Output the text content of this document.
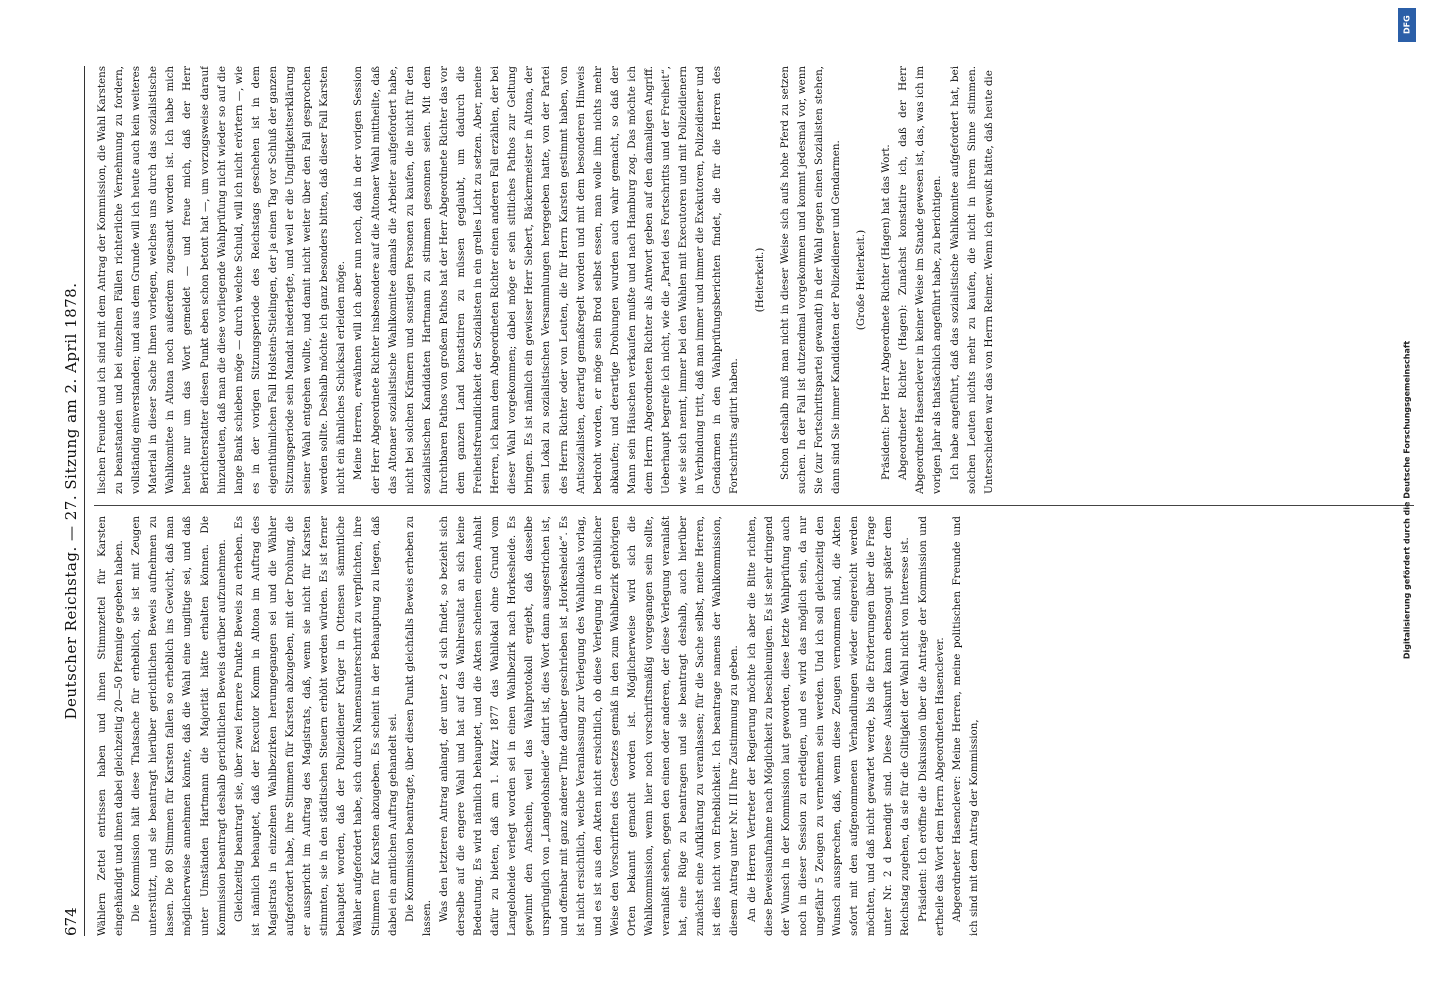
674
Deutscher Reichstag. — 27. Sitzung am 2. April 1878.

Wählern Zettel entrissen haben und ihnen Stimmzettel für Karsten eingehändigt und ihnen dabei gleichzeitig 20—50 Pfennige gegeben haben. Die Kommission hält diese Thatsache für erheblich, sie ist mit Zeugen unterstützt, und sie beantragt hierüber gerichtlichen Beweis aufnehmen zu lassen. Die 80 Stimmen für Karsten fallen so erheblich ins Gewicht, daß man möglicherweise annehmen könnte, daß die Wahl eine ungiltige sei, und daß unter Umständen Hartmann die Majorität hätte erhalten können. Die Kommission beantragt deshalb gerichtlichen Beweis darüber aufzunehmen. Gleichzeitig beantragt sie, über zwei fernere Punkte Beweis zu erheben. Es ist nämlich behauptet, daß der Executor Komm in Altona im Auftrag des Magistrats in einzelnen Wahlbezirken herumgegangen sei und die Wähler aufgefordert habe, ihre Stimmen für Karsten abzugeben, mit der Drohung, die er ausspricht im Auftrag des Magistrats, daß, wenn sie nicht für Karsten stimmten, sie in den städtischen Steuern erhöht werden würden. Es ist ferner behauptet worden, daß der Polizeidiener Krüger in Ottensen sämmtliche Wähler aufgefordert habe, sich durch Namensunterschrift zu verpflichten, ihre Stimmen für Karsten abzugeben. Es scheint in der Behauptung zu liegen, daß dabei ein amtlichen Auftrag gehandelt sei. Die Kommission beantragte, über diesen Punkt gleichfalls Beweis erheben zu lassen. Was den letzteren Antrag anlangt, der unter 2 d sich findet, so bezieht sich derselbe auf die engere Wahl und hat auf das Wahlresultat an sich keine Bedeutung. Es wird nämlich behauptet, und die Akten scheinen einen Anhalt dafür zu bieten, daß am 1. März 1877 das Wahllokal ohne Grund vom Langeloheide verlegt worden sei in einen Wahlbezirk nach Horkesheide. Es gewinnt den Anschein, weil das Wahlprotokoll ergiebt, daß dasselbe ursprünglich von „Langelohsheide“ datirt ist, dies Wort dann ausgestrichen ist, und offenbar mit ganz anderer Tinte darüber geschrieben ist „Horkesheide“. Es ist nicht ersichtlich, welche Veranlassung zur Verlegung des Wahllokals vorlag, und es ist aus den Akten nicht ersichtlich, ob diese Verlegung in ortsüblicher Weise den Vorschriften des Gesetzes gemäß in den zum Wahlbezirk gehörigen Orten bekannt gemacht worden ist. Möglicherweise wird sich die Wahlkommission, wenn hier noch vorschriftsmäßig vorgegangen sein sollte, veranlaßt sehen, gegen den einen oder anderen, der diese Verlegung veranlaßt hat, eine Rüge zu beantragen und sie beantragt deshalb, auch hierüber zunächst eine Aufklärung zu veranlassen; für die Sache selbst, meine Herren, ist dies nicht von Erheblichkeit. Ich beantrage namens der Wahlkommission, diesem Antrag unter Nr. III Ihre Zustimmung zu geben. An die Herren Vertreter der Regierung möchte ich aber die Bitte richten, diese Beweisaufnahme nach Möglichkeit zu beschleunigen. Es ist sehr dringend der Wunsch in der Kommission laut geworden, diese letzte Wahlprüfung auch noch in dieser Session zu erledigen, und es wird das möglich sein, da nur ungefähr 5 Zeugen zu vernehmen sein werden. Und ich soll gleichzeitig den Wunsch aussprechen, daß, wenn diese Zeugen vernommen sind, die Akten sofort mit den aufgenommenen Verhandlungen wieder eingereicht werden möchten, und daß nicht gewartet werde, bis die Erörterungen über die Frage unter Nr. 2 d beendigt sind. Diese Auskunft kann ebensogut später dem Reichstag zugehen, da sie für die Giltigkeit der Wahl nicht von Interesse ist. Präsident: Ich eröffne die Diskussion über die Anträge der Kommission und ertheile das Wort dem Herrn Abgeordneten Hasenclever. Abgeordneter Hasenclever: Meine Herren, meine politischen Freunde und ich sind mit dem Antrag der Kommission,

lischen Freunde und ich sind mit dem Antrag der Kommission, die Wahl Karstens zu beanstanden und bei einzelnen Fällen richterliche Vernehmung zu fordern, vollständig einverstanden; und aus dem Grunde will ich heute auch kein weiteres Material in dieser Sache Ihnen vorlegen, welches uns durch das sozialistische Wahlkomitee in Altona noch außerdem zugesandt worden ist. Ich habe mich heute nur um das Wort gemeldet — und freue mich, daß der Herr Berichterstatter diesen Punkt eben schon betont hat —, um vorzugsweise darauf hinzudeuten, daß man die diese vorliegende Wahlprüfung nicht wieder so auf die lange Bank schieben möge — durch welche Schuld, will ich nicht erörtern —, wie es in der vorigen Sitzungsperiode des Reichstags geschehen ist in dem eigenthümlichen Fall Holstein-Stielingen, der ja einen Tag vor Schluß der ganzen Sitzungsperiode sein Mandat niederlegte, und weil er die Ungiltigkeitserklärung seiner Wahl entgehen wollte, und damit nicht weiter über den Fall gesprochen werden sollte. Deshalb möchte ich ganz besonders bitten, daß dieser Fall Karsten nicht ein ähnliches Schicksal erleiden möge. Meine Herren, erwähnen will ich aber nun noch, daß in der vorigen Session der Herr Abgeordnete Richter insbesondere auf die Altonaer Wahl mittheilte, daß das Altonaer sozialistische Wahlkomitee damals die Arbeiter aufgefordert habe, nicht bei solchen Krämern und sonstigen Personen zu kaufen, die nicht für den sozialistischen Kandidaten Hartmann zu stimmen gesonnen seien. Mit dem furchtbaren Pathos von großem Pathos hat der Herr Abgeordnete Richter das vor dem ganzen Land konstatiren zu müssen geglaubt, um dadurch die Freiheitsfreundlichkeit der Sozialisten in ein grelles Licht zu setzen. Aber, meine Herren, ich kann dem Abgeordneten Richter einen anderen Fall erzählen, der bei dieser Wahl vorgekommen; dabei möge er sein sittliches Pathos zur Geltung bringen. Es ist nämlich ein gewisser Herr Siebert, Bäckermeister in Altona, der sein Lokal zu sozialistischen Versammlungen hergegeben hatte, von der Partei des Herrn Richter oder von Leuten, die für Herrn Karsten gestimmt haben, von Antisozialisten, derartig gemaßregelt worden und mit dem besonderen Hinweis bedroht worden, er möge sein Brod selbst essen, man wolle ihm nichts mehr abkaufen; und derartige Drohungen wurden auch wahr gemacht, so daß der Mann sein Häuschen verkaufen mußte und nach Hamburg zog. Das möchte ich dem Herrn Abgeordneten Richter als Antwort geben auf den damaligen Angriff. Ueberhaupt begreife ich nicht, wie die „Partei des Fortschritts und der Freiheit“, wie sie sich nennt, immer bei den Wahlen mit Executoren und mit Polizeidienern in Verbindung tritt, daß man immer und immer die Exekutoren, Polizeidiener und Gendarmen in den Wahlprüfungsberichten findet, die für die Herren des Fortschritts agitirt haben.

(Heiterkeit.)	Schon deshalb muß man nicht in dieser Weise sich aufs hohe Pferd zu setzen suchen. In der Fall ist dutzendmal vorgekommen und kommt jedesmal vor, wenn Sie (zur Fortschrittspartei gewandt) in der Wahl gegen einen Sozialisten stehen, dann sind Sie immer Kandidaten der Polizeidiener und Gendarmen.	(Große Heiterkeit.)	Präsident: Der Herr Abgeordnete Richter (Hagen) hat das Wort. Abgeordneter Richter (Hagen): Zunächst konstatire ich, daß der Herr Abgeordnete Hasenclever in keiner Weise im Stande gewesen ist, das, was ich im vorigen Jahr als thatsächlich angeführt habe, zu berichtigen. Ich habe angeführt, daß das sozialistische Wahlkomitee aufgefordert hat, bei solchen Leuten nichts mehr zu kaufen, die nicht in ihrem Sinne stimmen. Unterschieden war das von Herrn Reimer. Wenn ich gewußt hätte, daß heute die

DFG
Digitalisierung gefördert durch die Deutsche Forschungsgemeinschaft
